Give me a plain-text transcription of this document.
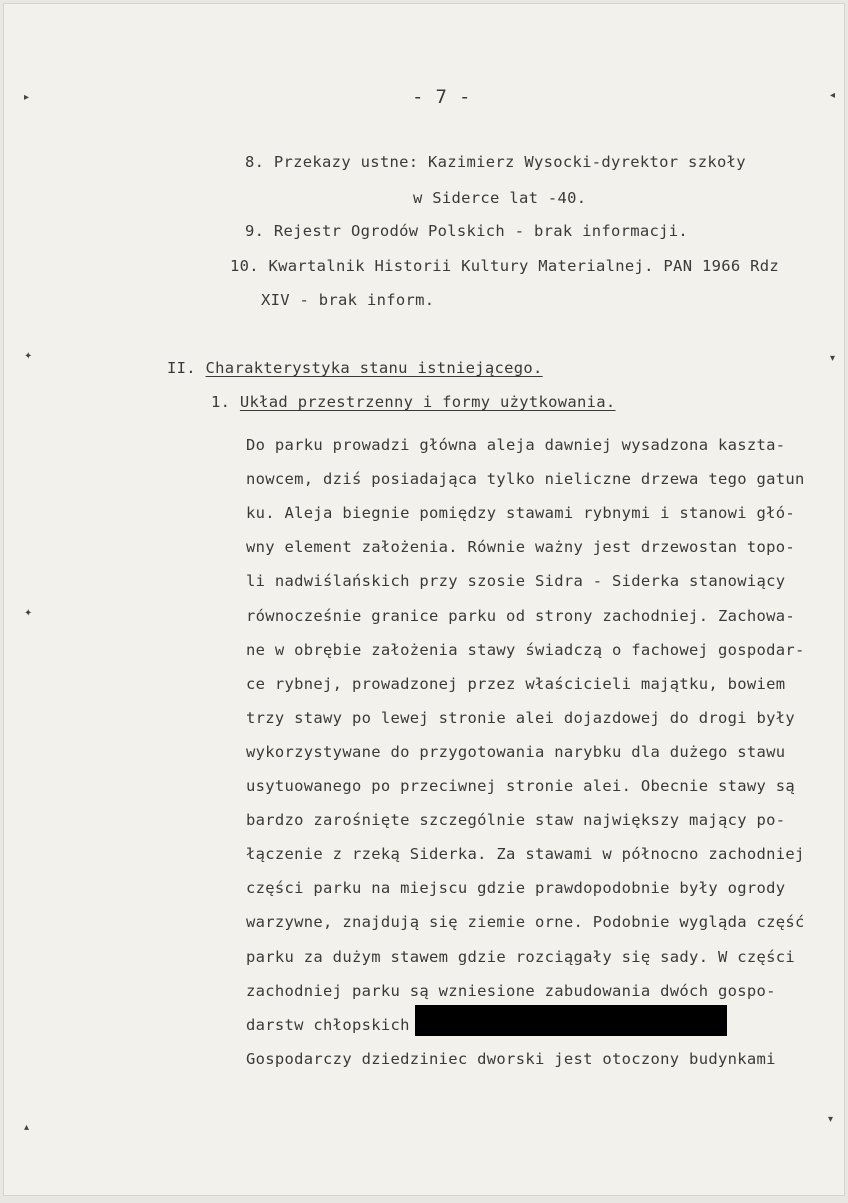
- 7 -
8. Przekazy ustne: Kazimierz Wysocki-dyrektor szkoły
w Siderce lat -40.
9. Rejestr Ogrodów Polskich - brak informacji.
10. Kwartalnik Historii Kultury Materialnej. PAN 1966 Rdz
XIV - brak inform.
II. Charakterystyka stanu istniejącego.
1. Układ przestrzenny i formy użytkowania.
Do parku prowadzi główna aleja dawniej wysadzona kaszta-
nowcem, dziś posiadająca tylko nieliczne drzewa tego gatun
ku. Aleja biegnie pomiędzy stawami rybnymi i stanowi głó-
wny element założenia. Równie ważny jest drzewostan topo-
li nadwiślańskich przy szosie Sidra - Siderka stanowiący
równocześnie granice parku od strony zachodniej. Zachowa-
ne w obrębie założenia stawy świadczą o fachowej gospodar-
ce rybnej, prowadzonej przez właścicieli majątku, bowiem
trzy stawy po lewej stronie alei dojazdowej do drogi były
wykorzystywane do przygotowania narybku dla dużego stawu
usytuowanego po przeciwnej stronie alei. Obecnie stawy są
bardzo zarośnięte szczególnie staw największy mający po-
łączenie z rzeką Siderka. Za stawami w północno zachodniej
części parku na miejscu gdzie prawdopodobnie były ogrody
warzywne, znajdują się ziemie orne. Podobnie wygląda część
parku za dużym stawem gdzie rozciągały się sady. W części
zachodniej parku są wzniesione zabudowania dwóch gospo-
darstw chłopskich
Gospodarczy dziedziniec dworski jest otoczony budynkami
▸
✦
✦
▴
◂
▾
▾
